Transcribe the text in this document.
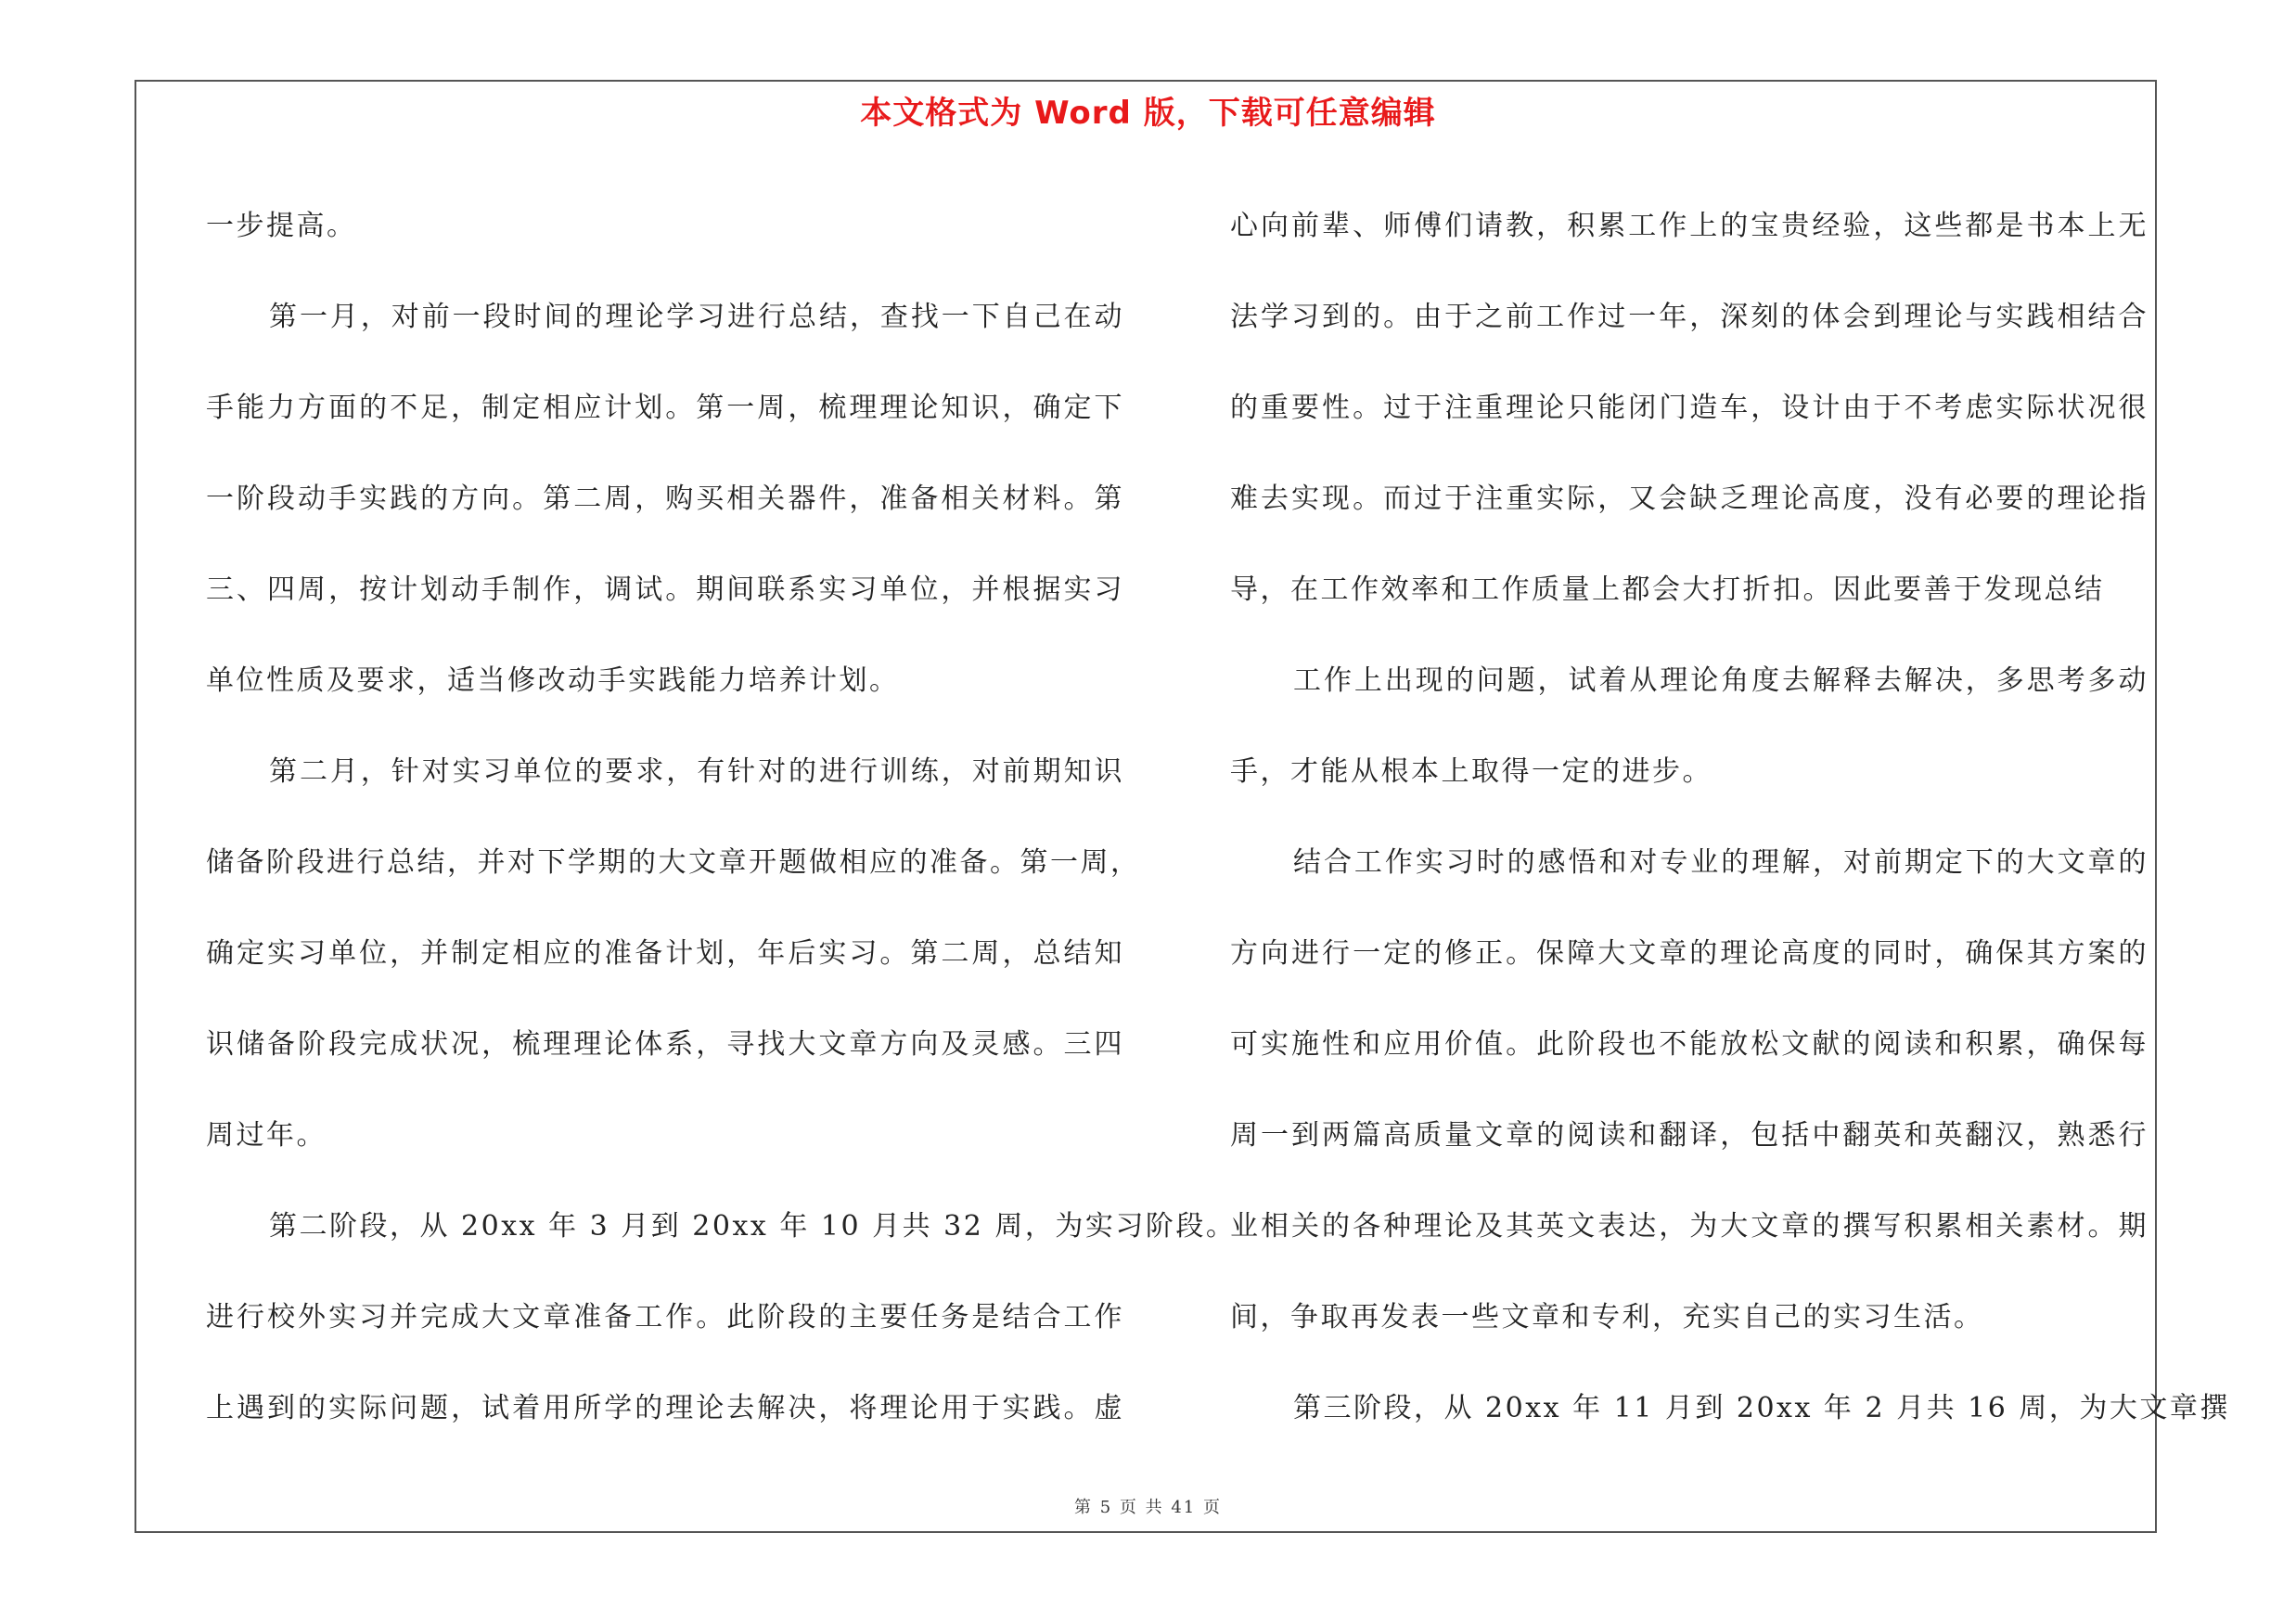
本文格式为 Word 版，下载可任意编辑
一步提高。
第一月，对前一段时间的理论学习进行总结，查找一下自己在动
手能力方面的不足，制定相应计划。第一周，梳理理论知识，确定下
一阶段动手实践的方向。第二周，购买相关器件，准备相关材料。第
三、四周，按计划动手制作，调试。期间联系实习单位，并根据实习
单位性质及要求，适当修改动手实践能力培养计划。
第二月，针对实习单位的要求，有针对的进行训练，对前期知识
储备阶段进行总结，并对下学期的大文章开题做相应的准备。第一周，
确定实习单位，并制定相应的准备计划，年后实习。第二周，总结知
识储备阶段完成状况，梳理理论体系，寻找大文章方向及灵感。三四
周过年。
第二阶段，从 20xx 年 3 月到 20xx 年 10 月共 32 周，为实习阶段。
进行校外实习并完成大文章准备工作。此阶段的主要任务是结合工作
上遇到的实际问题，试着用所学的理论去解决，将理论用于实践。虚
心向前辈、师傅们请教，积累工作上的宝贵经验，这些都是书本上无
法学习到的。由于之前工作过一年，深刻的体会到理论与实践相结合
的重要性。过于注重理论只能闭门造车，设计由于不考虑实际状况很
难去实现。而过于注重实际，又会缺乏理论高度，没有必要的理论指
导，在工作效率和工作质量上都会大打折扣。因此要善于发现总结
工作上出现的问题，试着从理论角度去解释去解决，多思考多动
手，才能从根本上取得一定的进步。
结合工作实习时的感悟和对专业的理解，对前期定下的大文章的
方向进行一定的修正。保障大文章的理论高度的同时，确保其方案的
可实施性和应用价值。此阶段也不能放松文献的阅读和积累，确保每
周一到两篇高质量文章的阅读和翻译，包括中翻英和英翻汉，熟悉行
业相关的各种理论及其英文表达，为大文章的撰写积累相关素材。期
间，争取再发表一些文章和专利，充实自己的实习生活。
第三阶段，从 20xx 年 11 月到 20xx 年 2 月共 16 周，为大文章撰
第 5 页 共 41 页
